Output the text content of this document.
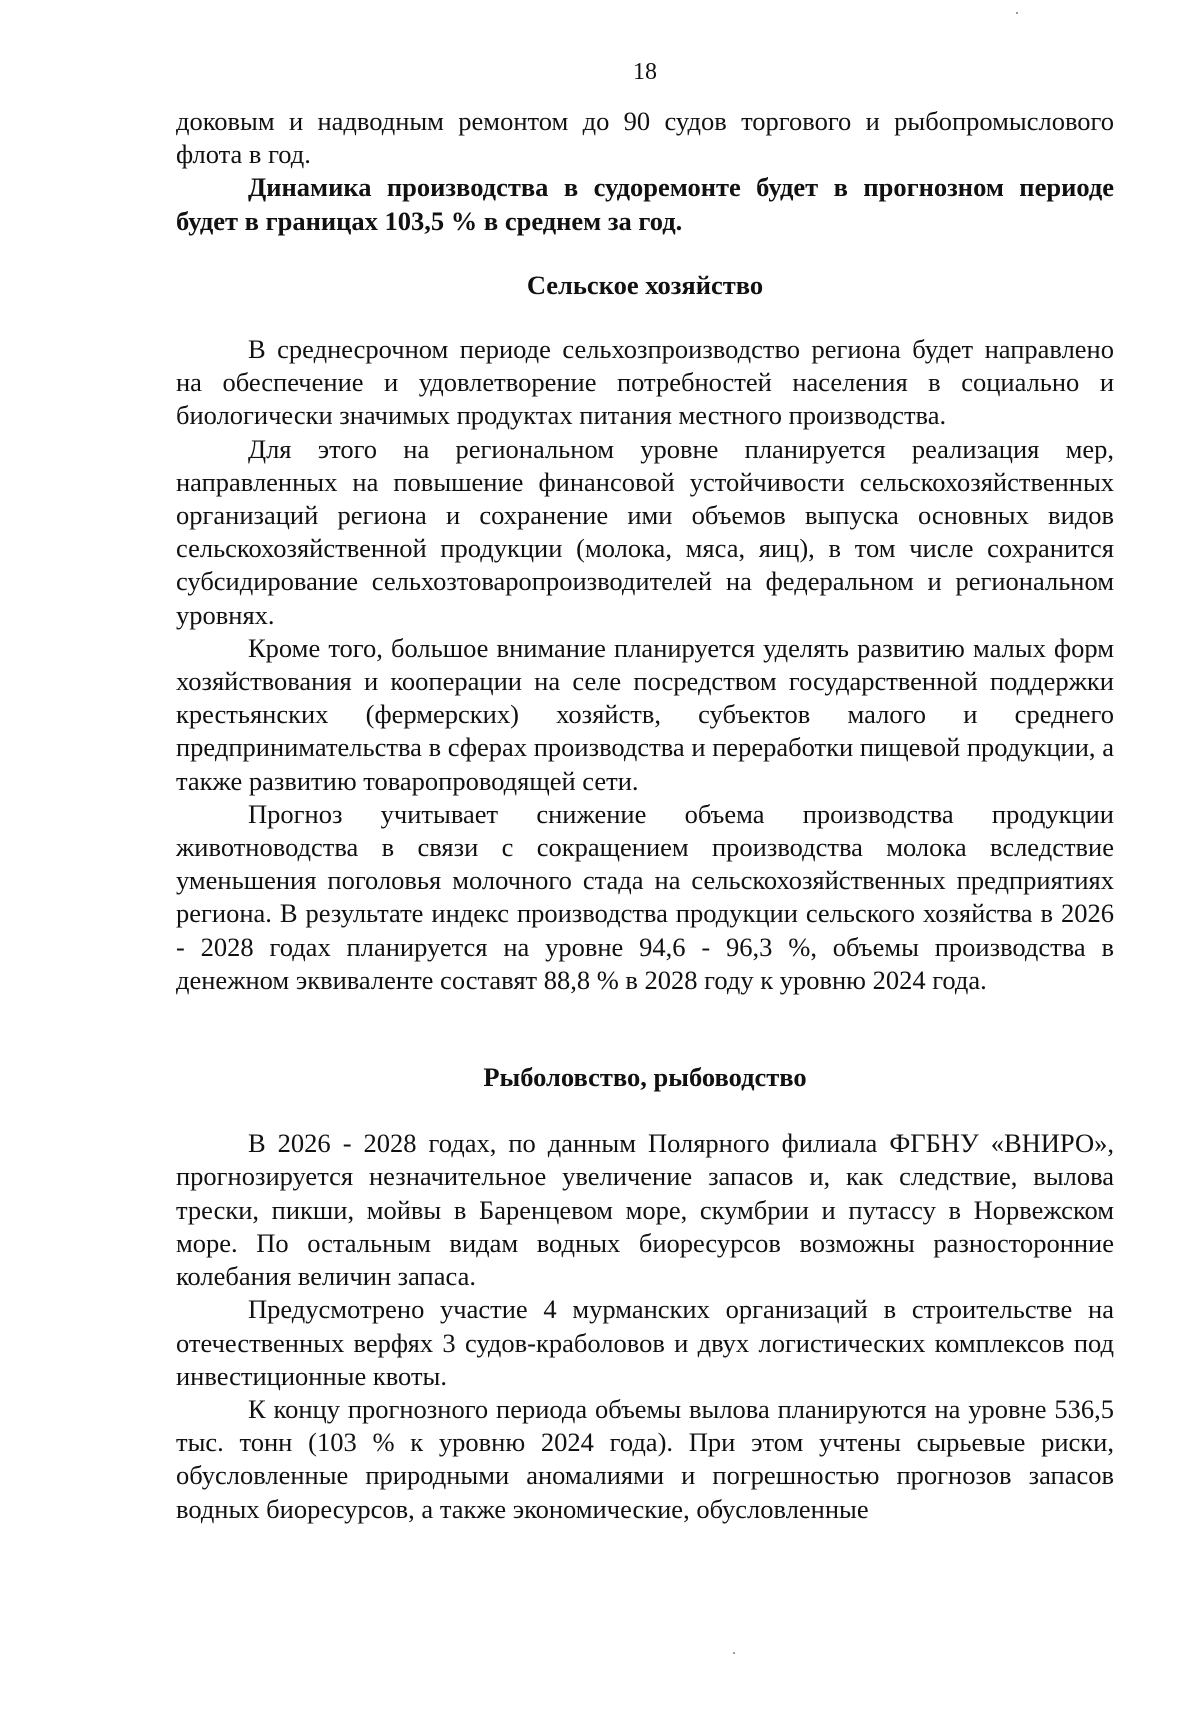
18

доковым и надводным ремонтом до 90 судов торгового и рыбопромыслового флота в год.

Динамика производства в судоремонте будет в прогнозном периоде будет в границах 103,5 % в среднем за год.

Сельское хозяйство

В среднесрочном периоде сельхозпроизводство региона будет направлено на обеспечение и удовлетворение потребностей населения в социально и биологически значимых продуктах питания местного производства.

Для этого на региональном уровне планируется реализация мер, направленных на повышение финансовой устойчивости сельскохозяйственных организаций региона и сохранение ими объемов выпуска основных видов сельскохозяйственной продукции (молока, мяса, яиц), в том числе сохранится субсидирование сельхозтоваропроизводителей на федеральном и региональном уровнях.

Кроме того, большое внимание планируется уделять развитию малых форм хозяйствования и кооперации на селе посредством государственной поддержки крестьянских (фермерских) хозяйств, субъектов малого и среднего предпринимательства в сферах производства и переработки пищевой продукции, а также развитию товаропроводящей сети.

Прогноз учитывает снижение объема производства продукции животноводства в связи с сокращением производства молока вследствие уменьшения поголовья молочного стада на сельскохозяйственных предприятиях региона. В результате индекс производства продукции сельского хозяйства в 2026 - 2028 годах планируется на уровне 94,6 - 96,3 %, объемы производства в денежном эквиваленте составят 88,8 % в 2028 году к уровню 2024 года.

Рыболовство, рыбоводство

В 2026 - 2028 годах, по данным Полярного филиала ФГБНУ «ВНИРО», прогнозируется незначительное увеличение запасов и, как следствие, вылова трески, пикши, мойвы в Баренцевом море, скумбрии и путассу в Норвежском море. По остальным видам водных биоресурсов возможны разносторонние колебания величин запаса.

Предусмотрено участие 4 мурманских организаций в строительстве на отечественных верфях 3 судов-краболовов и двух логистических комплексов под инвестиционные квоты.

К концу прогнозного периода объемы вылова планируются на уровне 536,5 тыс. тонн (103 % к уровню 2024 года). При этом учтены сырьевые риски, обусловленные природными аномалиями и погрешностью прогнозов запасов водных биоресурсов, а также экономические, обусловленные
